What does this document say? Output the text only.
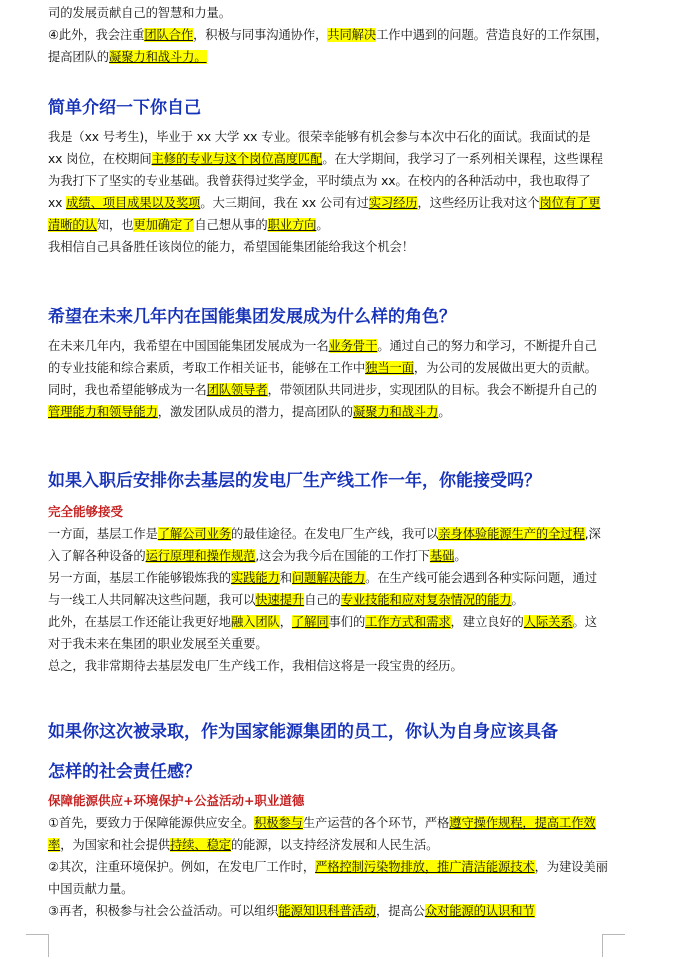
司的发展贡献自己的智慧和力量。

④此外，我会注重团队合作，积极与同事沟通协作，共同解决工作中遇到的问题。营造良好的工作氛围，提高团队的凝聚力和战斗力。

简单介绍一下你自己

我是（xx 号考生)，毕业于 xx 大学 xx 专业。很荣幸能够有机会参与本次中石化的面试。我面试的是 xx 岗位，在校期间主修的专业与这个岗位高度匹配。在大学期间，我学习了一系列相关课程，这些课程为我打下了坚实的专业基础。我曾获得过奖学金，平时绩点为 xx。在校内的各种活动中，我也取得了 xx 成绩、项目成果以及奖项。大三期间，我在 xx 公司有过实习经历，这些经历让我对这个岗位有了更清晰的认知，也更加确定了自己想从事的职业方向。

我相信自己具备胜任该岗位的能力，希望国能集团能给我这个机会！

希望在未来几年内在国能集团发展成为什么样的角色？

在未来几年内，我希望在中国国能集团发展成为一名业务骨干。通过自己的努力和学习，不断提升自己的专业技能和综合素质，考取工作相关证书，能够在工作中独当一面，为公司的发展做出更大的贡献。

同时，我也希望能够成为一名团队领导者，带领团队共同进步，实现团队的目标。我会不断提升自己的管理能力和领导能力，激发团队成员的潜力，提高团队的凝聚力和战斗力。

如果入职后安排你去基层的发电厂生产线工作一年，你能接受吗？

完全能够接受

一方面，基层工作是了解公司业务的最佳途径。在发电厂生产线，我可以亲身体验能源生产的全过程,深入了解各种设备的运行原理和操作规范,这会为我今后在国能的工作打下基础。

另一方面，基层工作能够锻炼我的实践能力和问题解决能力。在生产线可能会遇到各种实际问题，通过与一线工人共同解决这些问题，我可以快速提升自己的专业技能和应对复杂情况的能力。

此外，在基层工作还能让我更好地融入团队，了解同事们的工作方式和需求，建立良好的人际关系。这对于我未来在集团的职业发展至关重要。

总之，我非常期待去基层发电厂生产线工作，我相信这将是一段宝贵的经历。

如果你这次被录取，作为国家能源集团的员工，你认为自身应该具备

怎样的社会责任感？

保障能源供应+环境保护+公益活动+职业道德

①首先，要致力于保障能源供应安全。积极参与生产运营的各个环节，严格遵守操作规程，提高工作效率，为国家和社会提供持续、稳定的能源，以支持经济发展和人民生活。

②其次，注重环境保护。例如，在发电厂工作时，严格控制污染物排放，推广清洁能源技术，为建设美丽中国贡献力量。

③再者，积极参与社会公益活动。可以组织能源知识科普活动，提高公众对能源的认识和节
